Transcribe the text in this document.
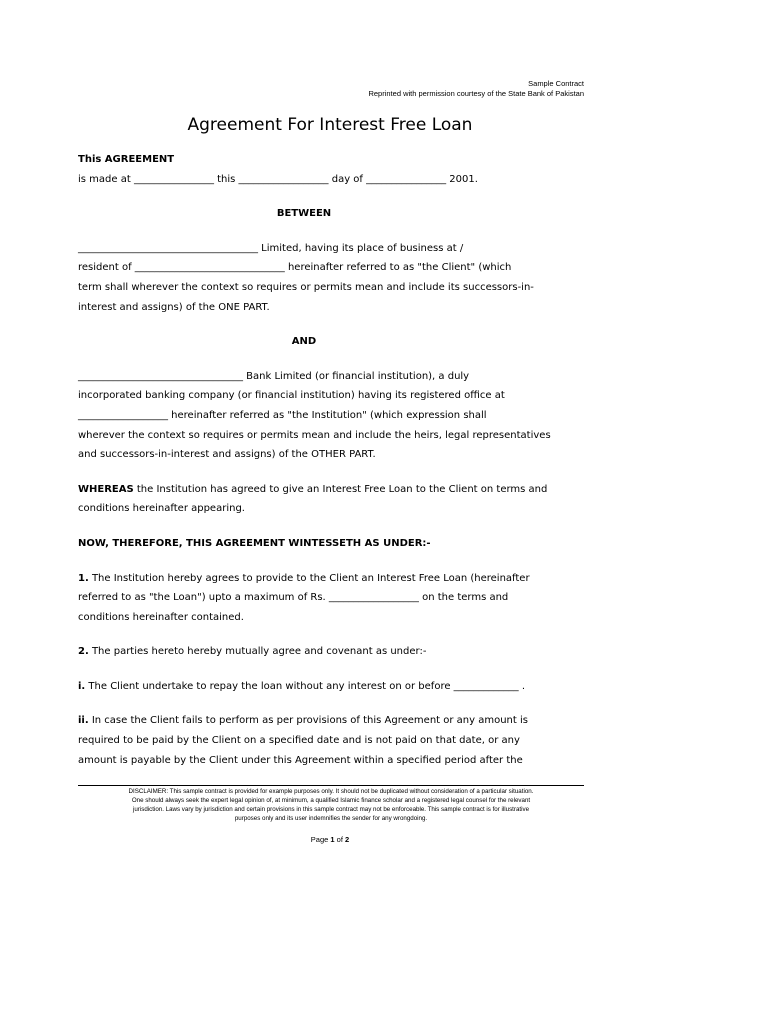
Sample Contract
Reprinted with permission courtesy of the State Bank of Pakistan
Agreement For Interest Free Loan

This AGREEMENT

is made at ________________ this __________________ day of ________________ 2001.

BETWEEN

____________________________________ Limited, having its place of business at /

resident of ______________________________ hereinafter referred to as "the Client" (which

term shall wherever the context so requires or permits mean and include its successors-in-

interest and assigns) of the ONE PART.

AND

_________________________________ Bank Limited (or financial institution), a duly

incorporated banking company (or financial institution) having its registered office at

__________________ hereinafter referred as "the Institution" (which expression shall

wherever the context so requires or permits mean and include the heirs, legal representatives

and successors-in-interest and assigns) of the OTHER PART.

WHEREAS the Institution has agreed to give an Interest Free Loan to the Client on terms and

conditions hereinafter appearing.

NOW, THEREFORE, THIS AGREEMENT WINTESSETH AS UNDER:-

1. The Institution hereby agrees to provide to the Client an Interest Free Loan (hereinafter

referred to as "the Loan") upto a maximum of Rs. __________________ on the terms and

conditions hereinafter contained.

2. The parties hereto hereby mutually agree and covenant as under:-

i. The Client undertake to repay the loan without any interest on or before _____________ .

ii. In case the Client fails to perform as per provisions of this Agreement or any amount is

required to be paid by the Client on a specified date and is not paid on that date, or any

amount is payable by the Client under this Agreement within a specified period after the

DISCLAIMER: This sample contract is provided for example purposes only. It should not be duplicated without consideration of a particular situation.
One should always seek the expert legal opinion of, at minimum, a qualified Islamic finance scholar and a registered legal counsel for the relevant
jurisdiction. Laws vary by jurisdiction and certain provisions in this sample contract may not be enforceable. This sample contract is for illustrative
purposes only and its user indemnifies the sender for any wrongdoing.
Page 1 of 2
